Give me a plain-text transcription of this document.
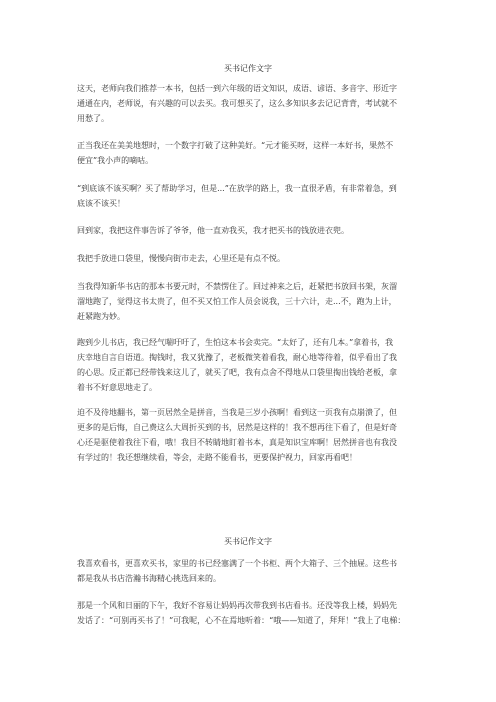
买书记作文字
这天，老师向我们推荐一本书，包括一到六年级的语文知识，成语、谚语、多音字、形近字
通通在内，老师说，有兴趣的可以去买。我可想买了，这么多知识多去记记背背，考试就不
用愁了。
正当我还在美美地想时，一个数字打破了这种美好。“元才能买呀，这样一本好书，果然不
便宜”我小声的嘀咕。
“到底该不该买啊？买了帮助学习，但是...”在放学的路上，我一直很矛盾，有非常着急，到
底该不该买！
回到家，我把这件事告诉了爷爷，他一直劝我买，我才把买书的钱放进衣兜。
我把手放进口袋里，慢慢向街市走去，心里还是有点不悦。
当我得知新华书店的那本书要元时，不禁愣住了。回过神来之后，赶紧把书放回书架，灰溜
溜地跑了，觉得这书太贵了，但不买又怕工作人员会说我，三十六计，走...不，跑为上计，
赶紧跑为妙。
跑到少儿书店，我已经气喘吁吁了，生怕这本书会卖完。“太好了，还有几本。”拿着书，我
庆幸地自言自语道。掏钱时，我又犹豫了，老板微笑着看我，耐心地等待着，似乎看出了我
的心思。反正都已经带钱来这儿了，就买了吧，我有点舍不得地从口袋里掏出钱给老板，拿
着书不好意思地走了。
迫不及待地翻书，第一页居然全是拼音，当我是三岁小孩啊！看到这一页我有点崩溃了，但
更多的是后悔，自己费这么大周折买到的书，居然是这样的！我不想再往下看了，但是好奇
心还是驱使着我往下看，哦！我目不转睛地盯着书本，真是知识宝库啊！居然拼音也有我没
有学过的！我还想继续看，等会，走路不能看书，更要保护视力，回家再看吧！
买书记作文字
我喜欢看书，更喜欢买书，家里的书已经塞满了一个书柜、两个大箱子、三个抽屉。这些书
都是我从书店浩瀚书海精心挑选回来的。
那是一个风和日丽的下午，我好不容易让妈妈再次带我到书店看书。还没等我上楼，妈妈先
发话了：“可别再买书了！”可我呢，心不在焉地听着：“哦——知道了，拜拜！”我上了电梯：
